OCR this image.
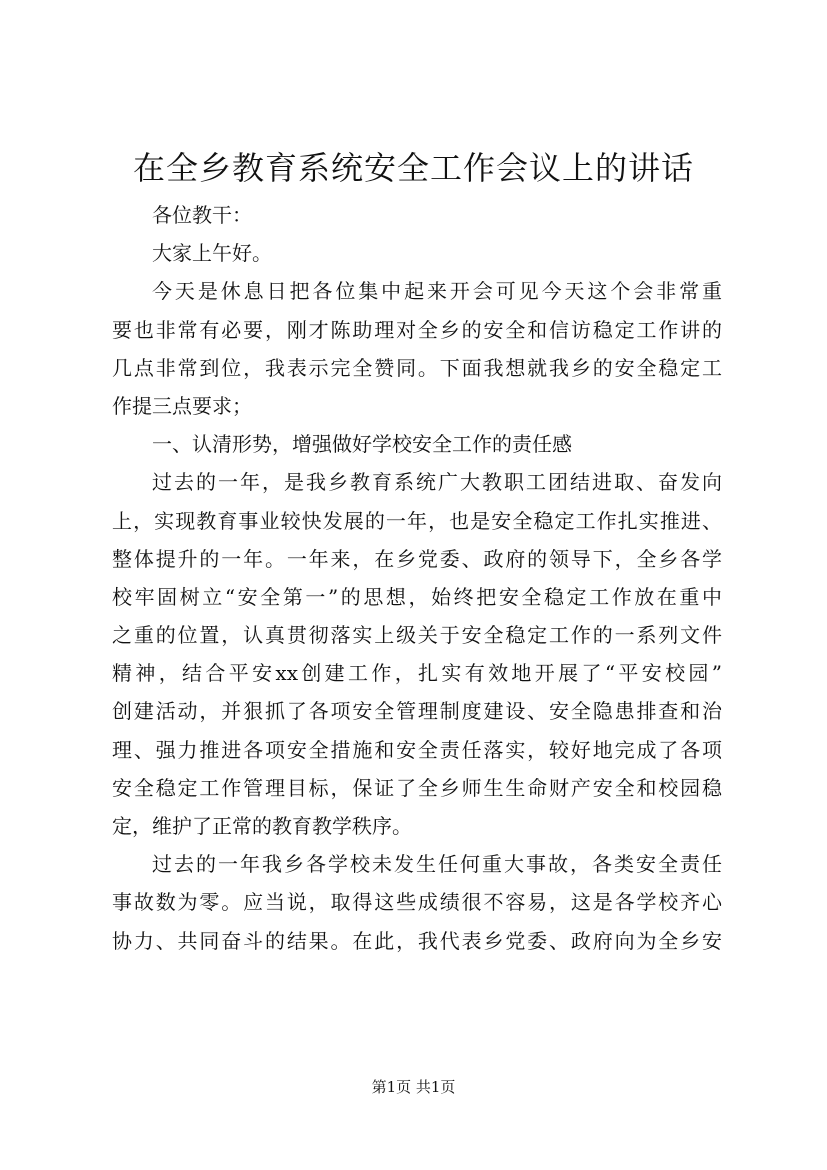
在全乡教育系统安全工作会议上的讲话
各位教干：
大家上午好。
今天是休息日把各位集中起来开会可见今天这个会非常重
要也非常有必要，刚才陈助理对全乡的安全和信访稳定工作讲的
几点非常到位，我表示完全赞同。下面我想就我乡的安全稳定工
作提三点要求；
一、认清形势，增强做好学校安全工作的责任感
过去的一年，是我乡教育系统广大教职工团结进取、奋发向
上，实现教育事业较快发展的一年，也是安全稳定工作扎实推进、
整体提升的一年。一年来，在乡党委、政府的领导下，全乡各学
校牢固树立“安全第一”的思想，始终把安全稳定工作放在重中
之重的位置，认真贯彻落实上级关于安全稳定工作的一系列文件
精神，结合平安xx创建工作，扎实有效地开展了“平安校园”
创建活动，并狠抓了各项安全管理制度建设、安全隐患排查和治
理、强力推进各项安全措施和安全责任落实，较好地完成了各项
安全稳定工作管理目标，保证了全乡师生生命财产安全和校园稳
定，维护了正常的教育教学秩序。
过去的一年我乡各学校未发生任何重大事故，各类安全责任
事故数为零。应当说，取得这些成绩很不容易，这是各学校齐心
协力、共同奋斗的结果。在此，我代表乡党委、政府向为全乡安
第1页 共1页
